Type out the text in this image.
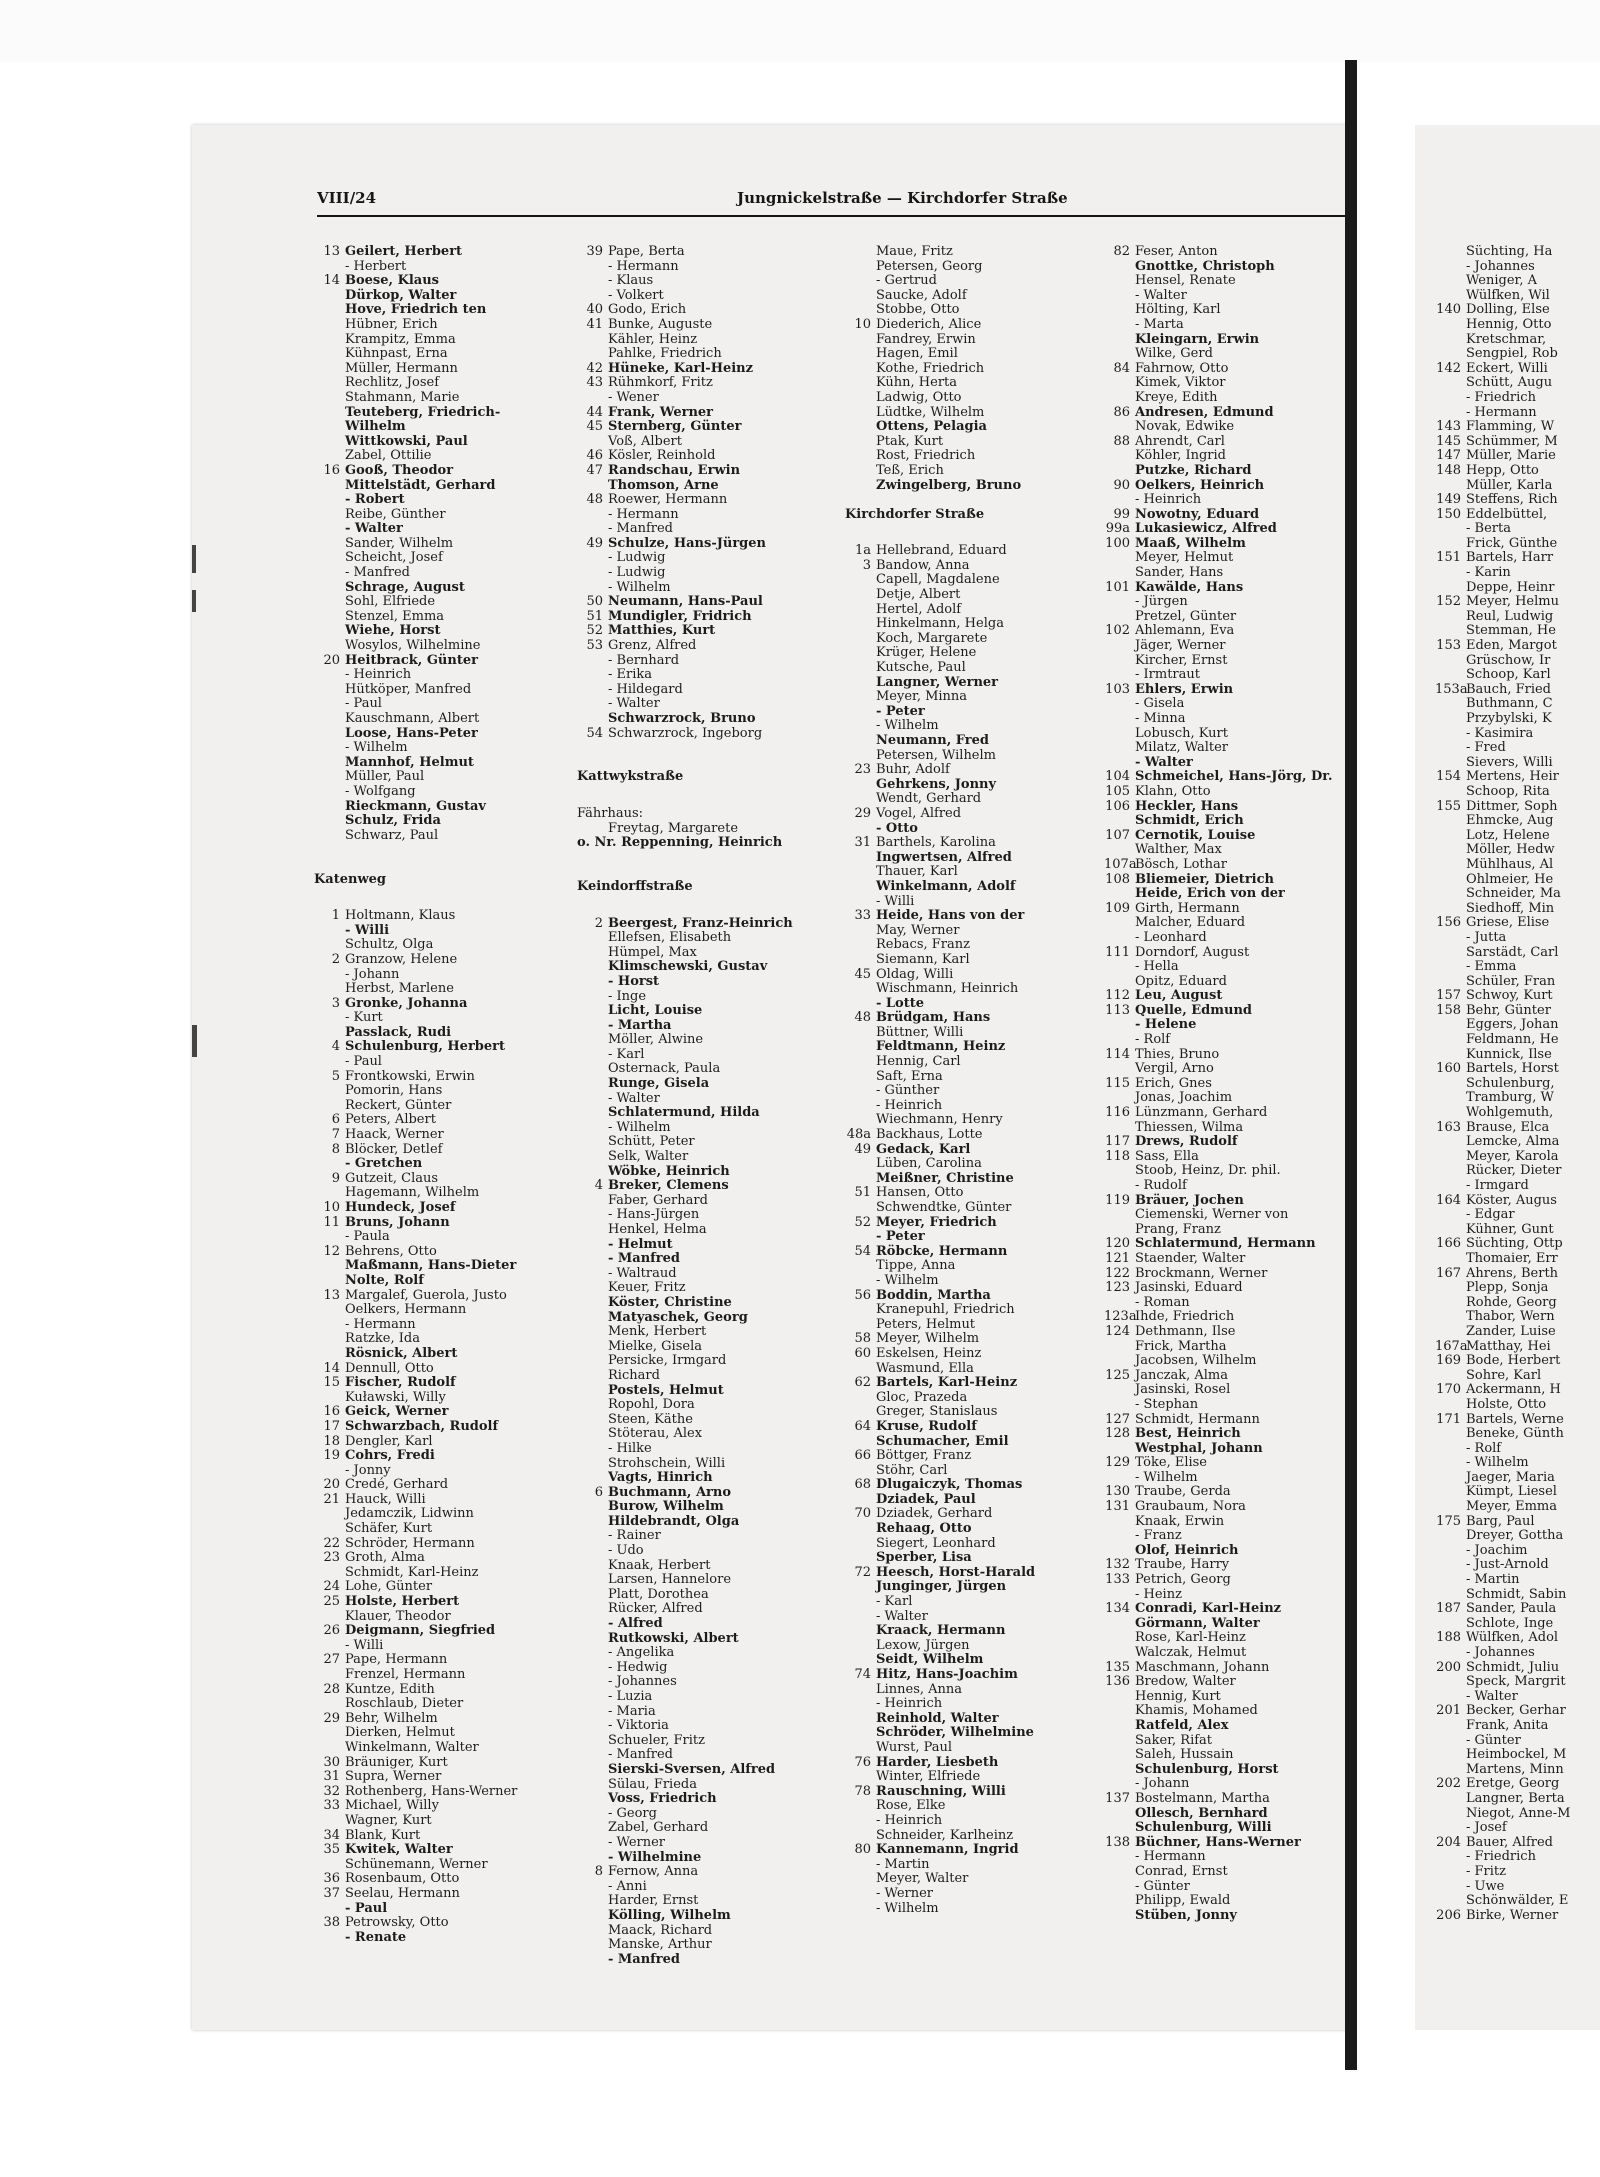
VIII/24	Jungnickelstraße — Kirchdorfer Straße
13 Geilert, Herbert
- Herbert
14 Boese, Klaus
Dürkop, Walter
Hove, Friedrich ten
Hübner, Erich
Krampitz, Emma
Kühnpast, Erna
Müller, Hermann
Rechlitz, Josef
Stahmann, Marie
Teuteberg, Friedrich-
Wilhelm
Wittkowski, Paul
Zabel, Ottilie
16 Gooß, Theodor
Mittelstädt, Gerhard
- Robert
Reibe, Günther
- Walter
Sander, Wilhelm
Scheicht, Josef
- Manfred
Schrage, August
Sohl, Elfriede
Stenzel, Emma
Wiehe, Horst
Wosylos, Wilhelmine
20 Heitbrack, Günter
- Heinrich
Hütköper, Manfred
- Paul
Kauschmann, Albert
Loose, Hans-Peter
- Wilhelm
Mannhof, Helmut
Müller, Paul
- Wolfgang
Rieckmann, Gustav
Schulz, Frida
Schwarz, Paul
Katenweg
1 Holtmann, Klaus
- Willi
Schultz, Olga
2 Granzow, Helene
- Johann
Herbst, Marlene
3 Gronke, Johanna
- Kurt
Passlack, Rudi
4 Schulenburg, Herbert
- Paul
5 Frontkowski, Erwin
Pomorin, Hans
Reckert, Günter
6 Peters, Albert
7 Haack, Werner
8 Blöcker, Detlef
- Gretchen
9 Gutzeit, Claus
Hagemann, Wilhelm
10 Hundeck, Josef
11 Bruns, Johann
- Paula
12 Behrens, Otto
Maßmann, Hans-Dieter
Nolte, Rolf
13 Margalef, Guerola, Justo
Oelkers, Hermann
- Hermann
Ratzke, Ida
Rösnick, Albert
14 Dennull, Otto
15 Fischer, Rudolf
Kuławski, Willy
16 Geick, Werner
17 Schwarzbach, Rudolf
18 Dengler, Karl
19 Cohrs, Fredi
- Jonny
20 Credé, Gerhard
21 Hauck, Willi
Jedamczik, Lidwinn
Schäfer, Kurt
22 Schröder, Hermann
23 Groth, Alma
Schmidt, Karl-Heinz
24 Lohe, Günter
25 Holste, Herbert
Klauer, Theodor
26 Deigmann, Siegfried
- Willi
27 Pape, Hermann
Frenzel, Hermann
28 Kuntze, Edith
Roschlaub, Dieter
29 Behr, Wilhelm
Dierken, Helmut
Winkelmann, Walter
30 Bräuniger, Kurt
31 Supra, Werner
32 Rothenberg, Hans-Werner
33 Michael, Willy
Wagner, Kurt
34 Blank, Kurt
35 Kwitek, Walter
Schünemann, Werner
36 Rosenbaum, Otto
37 Seelau, Hermann
- Paul
38 Petrowsky, Otto
- Renate
39 Pape, Berta
- Hermann
- Klaus
- Volkert
40 Godo, Erich
41 Bunke, Auguste
Kähler, Heinz
Pahlke, Friedrich
42 Hüneke, Karl-Heinz
43 Rühmkorf, Fritz
- Wener
44 Frank, Werner
45 Sternberg, Günter
Voß, Albert
46 Kösler, Reinhold
47 Randschau, Erwin
Thomson, Arne
48 Roewer, Hermann
- Hermann
- Manfred
49 Schulze, Hans-Jürgen
- Ludwig
- Ludwig
- Wilhelm
50 Neumann, Hans-Paul
51 Mundigler, Fridrich
52 Matthies, Kurt
53 Grenz, Alfred
- Bernhard
- Erika
- Hildegard
- Walter
Schwarzrock, Bruno
54 Schwarzrock, Ingeborg
Kattwykstraße
Fährhaus:
Freytag, Margarete
o. Nr. Reppenning, Heinrich
Keindorffstraße
2 Beergest, Franz-Heinrich
Ellefsen, Elisabeth
Hümpel, Max
Klimschewski, Gustav
- Horst
- Inge
Licht, Louise
- Martha
Möller, Alwine
- Karl
Osternack, Paula
Runge, Gisela
- Walter
Schlatermund, Hilda
- Wilhelm
Schütt, Peter
Selk, Walter
Wöbke, Heinrich
4 Breker, Clemens
Faber, Gerhard
- Hans-Jürgen
Henkel, Helma
- Helmut
- Manfred
- Waltraud
Keuer, Fritz
Köster, Christine
Matyaschek, Georg
Menk, Herbert
Mielke, Gisela
Persicke, Irmgard
Richard
Postels, Helmut
Ropohl, Dora
Steen, Käthe
Stöterau, Alex
- Hilke
Strohschein, Willi
Vagts, Hinrich
6 Buchmann, Arno
Burow, Wilhelm
Hildebrandt, Olga
- Rainer
- Udo
Knaak, Herbert
Larsen, Hannelore
Platt, Dorothea
Rücker, Alfred
- Alfred
Rutkowski, Albert
- Angelika
- Hedwig
- Johannes
- Luzia
- Maria
- Viktoria
Schueler, Fritz
- Manfred
Sierski-Sversen, Alfred
Sülau, Frieda
Voss, Friedrich
- Georg
Zabel, Gerhard
- Werner
- Wilhelmine
8 Fernow, Anna
- Anni
Harder, Ernst
Kölling, Wilhelm
Maack, Richard
Manske, Arthur
- Manfred
Maue, Fritz
Petersen, Georg
- Gertrud
Saucke, Adolf
Stobbe, Otto
10 Diederich, Alice
Fandrey, Erwin
Hagen, Emil
Kothe, Friedrich
Kühn, Herta
Ladwig, Otto
Lüdtke, Wilhelm
Ottens, Pelagia
Ptak, Kurt
Rost, Friedrich
Teß, Erich
Zwingelberg, Bruno
Kirchdorfer Straße
1a Hellebrand, Eduard
3 Bandow, Anna
Capell, Magdalene
Detje, Albert
Hertel, Adolf
Hinkelmann, Helga
Koch, Margarete
Krüger, Helene
Kutsche, Paul
Langner, Werner
Meyer, Minna
- Peter
- Wilhelm
Neumann, Fred
Petersen, Wilhelm
23 Buhr, Adolf
Gehrkens, Jonny
Wendt, Gerhard
29 Vogel, Alfred
- Otto
31 Barthels, Karolina
Ingwertsen, Alfred
Thauer, Karl
Winkelmann, Adolf
- Willi
33 Heide, Hans von der
May, Werner
Rebacs, Franz
Siemann, Karl
45 Oldag, Willi
Wischmann, Heinrich
- Lotte
48 Brüdgam, Hans
Büttner, Willi
Feldtmann, Heinz
Hennig, Carl
Saft, Erna
- Günther
- Heinrich
Wiechmann, Henry
48a Backhaus, Lotte
49 Gedack, Karl
Lüben, Carolina
Meißner, Christine
51 Hansen, Otto
Schwendtke, Günter
52 Meyer, Friedrich
- Peter
54 Röbcke, Hermann
Tippe, Anna
- Wilhelm
56 Boddin, Martha
Kranepuhl, Friedrich
Peters, Helmut
58 Meyer, Wilhelm
60 Eskelsen, Heinz
Wasmund, Ella
62 Bartels, Karl-Heinz
Gloc, Prazeda
Greger, Stanislaus
64 Kruse, Rudolf
Schumacher, Emil
66 Böttger, Franz
Stöhr, Carl
68 Dlugaiczyk, Thomas
Dziadek, Paul
70 Dziadek, Gerhard
Rehaag, Otto
Siegert, Leonhard
Sperber, Lisa
72 Heesch, Horst-Harald
Junginger, Jürgen
- Karl
- Walter
Kraack, Hermann
Lexow, Jürgen
Seidt, Wilhelm
74 Hitz, Hans-Joachim
Linnes, Anna
- Heinrich
Reinhold, Walter
Schröder, Wilhelmine
Wurst, Paul
76 Harder, Liesbeth
Winter, Elfriede
78 Rauschning, Willi
Rose, Elke
- Heinrich
Schneider, Karlheinz
80 Kannemann, Ingrid
- Martin
Meyer, Walter
- Werner
- Wilhelm
82 Feser, Anton
Gnottke, Christoph
Hensel, Renate
- Walter
Hölting, Karl
- Marta
Kleingarn, Erwin
Wilke, Gerd
84 Fahrnow, Otto
Kimek, Viktor
Kreye, Edith
86 Andresen, Edmund
Novak, Edwike
88 Ahrendt, Carl
Köhler, Ingrid
Putzke, Richard
90 Oelkers, Heinrich
- Heinrich
99 Nowotny, Eduard
99a Lukasiewicz, Alfred
100 Maaß, Wilhelm
Meyer, Helmut
Sander, Hans
101 Kawälde, Hans
- Jürgen
Pretzel, Günter
102 Ahlemann, Eva
Jäger, Werner
Kircher, Ernst
- Irmtraut
103 Ehlers, Erwin
- Gisela
- Minna
Lobusch, Kurt
Milatz, Walter
- Walter
104 Schmeichel, Hans-Jörg, Dr.
105 Klahn, Otto
106 Heckler, Hans
Schmidt, Erich
107 Cernotik, Louise
Walther, Max
107a
Bösch, Lothar
108 Bliemeier, Dietrich
Heide, Erich von der
109 Girth, Hermann
Malcher, Eduard
- Leonhard
111 Dorndorf, August
- Hella
Opitz, Eduard
112 Leu, August
113 Quelle, Edmund
- Helene
- Rolf
114 Thies, Bruno
Vergil, Arno
115 Erich, Gnes
Jonas, Joachim
116 Lünzmann, Gerhard
Thiessen, Wilma
117 Drews, Rudolf
118 Sass, Ella
Stoob, Heinz, Dr. phil.
- Rudolf
119 Bräuer, Jochen
Ciemenski, Werner von
Prang, Franz
120 Schlatermund, Hermann
121 Staender, Walter
122 Brockmann, Werner
123 Jasinski, Eduard
- Roman
123a
Ihde, Friedrich
124 Dethmann, Ilse
Frick, Martha
Jacobsen, Wilhelm
125 Janczak, Alma
Jasinski, Rosel
- Stephan
127 Schmidt, Hermann
128 Best, Heinrich
Westphal, Johann
129 Töke, Elise
- Wilhelm
130 Traube, Gerda
131 Graubaum, Nora
Knaak, Erwin
- Franz
Olof, Heinrich
132 Traube, Harry
133 Petrich, Georg
- Heinz
134 Conradi, Karl-Heinz
Görmann, Walter
Rose, Karl-Heinz
Walczak, Helmut
135 Maschmann, Johann
136 Bredow, Walter
Hennig, Kurt
Khamis, Mohamed
Ratfeld, Alex
Saker, Rifat
Saleh, Hussain
Schulenburg, Horst
- Johann
137 Bostelmann, Martha
Ollesch, Bernhard
Schulenburg, Willi
138 Büchner, Hans-Werner
- Hermann
Conrad, Ernst
- Günter
Philipp, Ewald
Stüben, Jonny
Süchting, Ha
- Johannes
Weniger, A
Wülfken, Wil
140 Dolling, Else
Hennig, Otto
Kretschmar,
Sengpiel, Rob
142 Eckert, Willi
Schütt, Augu
- Friedrich
- Hermann
143 Flamming, W
145 Schümmer, M
147 Müller, Marie
148 Hepp, Otto
Müller, Karla
149 Steffens, Rich
150 Eddelbüttel,
- Berta
Frick, Günthe
151 Bartels, Harr
- Karin
Deppe, Heinr
152 Meyer, Helmu
Reul, Ludwig
Stemman, He
153 Eden, Margot
Grüschow, Ir
Schoop, Karl
153a
Bauch, Fried
Buthmann, C
Przybylski, K
- Kasimira
- Fred
Sievers, Willi
154 Mertens, Heir
Schoop, Rita
155 Dittmer, Soph
Ehmcke, Aug
Lotz, Helene
Möller, Hedw
Mühlhaus, Al
Ohlmeier, He
Schneider, Ma
Siedhoff, Min
156 Griese, Elise
- Jutta
Sarstädt, Carl
- Emma
Schüler, Fran
157 Schwoy, Kurt
158 Behr, Günter
Eggers, Johan
Feldmann, He
Kunnick, Ilse
160 Bartels, Horst
Schulenburg,
Tramburg, W
Wohlgemuth,
163 Brause, Elca
Lemcke, Alma
Meyer, Karola
Rücker, Dieter
- Irmgard
164 Köster, Augus
- Edgar
Kühner, Gunt
166 Süchting, Ottp
Thomaier, Err
167 Ahrens, Berth
Plepp, Sonja
Rohde, Georg
Thabor, Wern
Zander, Luise
167a
Matthay, Hei
169 Bode, Herbert
Sohre, Karl
170 Ackermann, H
Holste, Otto
171 Bartels, Werne
Beneke, Günth
- Rolf
- Wilhelm
Jaeger, Maria
Kümpt, Liesel
Meyer, Emma
175 Barg, Paul
Dreyer, Gottha
- Joachim
- Just-Arnold
- Martin
Schmidt, Sabin
187 Sander, Paula
Schlote, Inge
188 Wülfken, Adol
- Johannes
200 Schmidt, Juliu
Speck, Margrit
- Walter
201 Becker, Gerhar
Frank, Anita
- Günter
Heimbockel, M
Martens, Minn
202 Eretge, Georg
Langner, Berta
Niegot, Anne-M
- Josef
204 Bauer, Alfred
- Friedrich
- Fritz
- Uwe
Schönwälder, E
206 Birke, Werner
